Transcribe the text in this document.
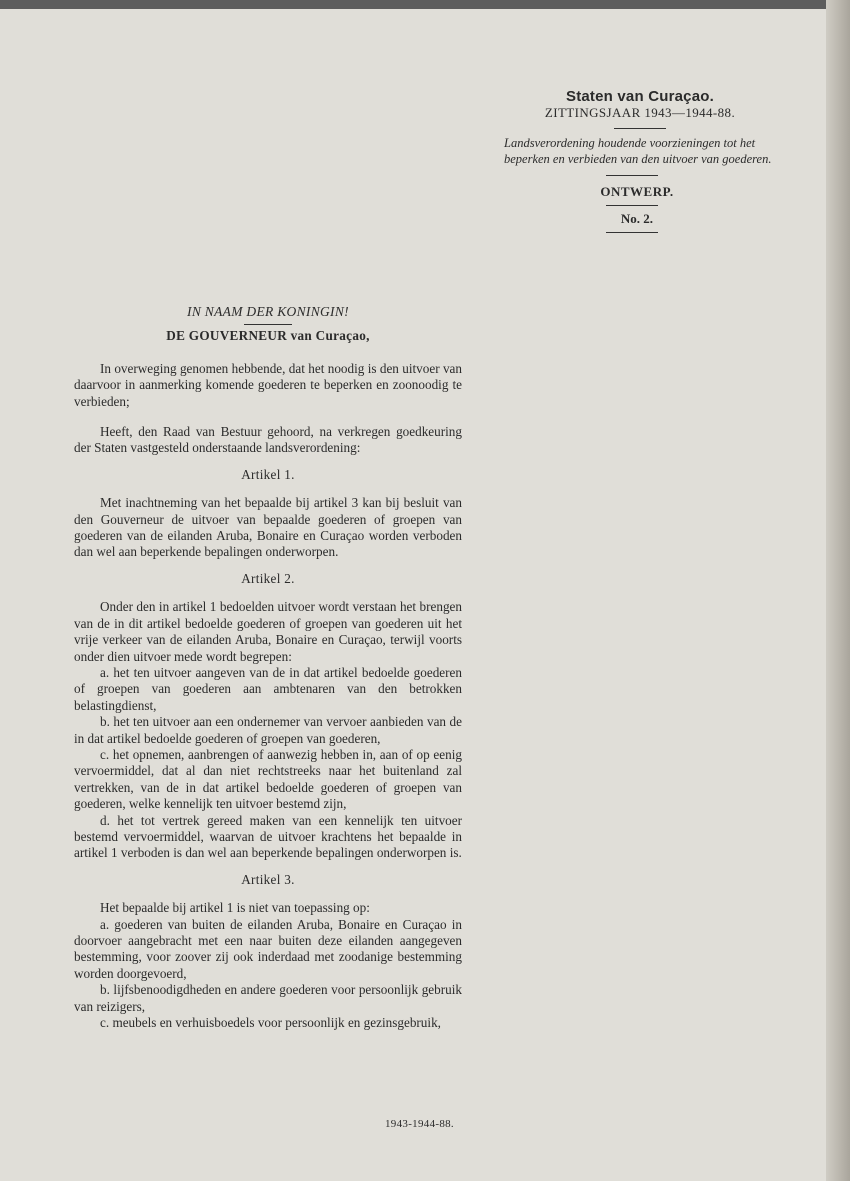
Staten van Curaçao.
ZITTINGSJAAR 1943—1944-88.
Landsverordening houdende voorzieningen tot het beperken en verbieden van den uitvoer van goederen.
ONTWERP.
No. 2.
IN NAAM DER KONINGIN!
DE GOUVERNEUR van Curaçao,

In overweging genomen hebbende, dat het noodig is den uitvoer van daarvoor in aanmerking komende goederen te beperken en zoonoodig te verbieden;

Heeft, den Raad van Bestuur gehoord, na verkregen goedkeuring der Staten vastgesteld onderstaande landsverordening:

Artikel 1.

Met inachtneming van het bepaalde bij artikel 3 kan bij besluit van den Gouverneur de uitvoer van bepaalde goederen of groepen van goederen van de eilanden Aruba, Bonaire en Curaçao worden verboden dan wel aan beperkende bepalingen onderworpen.

Artikel 2.

Onder den in artikel 1 bedoelden uitvoer wordt verstaan het brengen van de in dit artikel bedoelde goederen of groepen van goederen uit het vrije verkeer van de eilanden Aruba, Bonaire en Curaçao, terwijl voorts onder dien uitvoer mede wordt begrepen:

a. het ten uitvoer aangeven van de in dat artikel bedoelde goederen of groepen van goederen aan ambtenaren van den betrokken belastingdienst,

b. het ten uitvoer aan een ondernemer van vervoer aanbieden van de in dat artikel bedoelde goederen of groepen van goederen,

c. het opnemen, aanbrengen of aanwezig hebben in, aan of op eenig vervoermiddel, dat al dan niet rechtstreeks naar het buitenland zal vertrekken, van de in dat artikel bedoelde goederen of groepen van goederen, welke kennelijk ten uitvoer bestemd zijn,

d. het tot vertrek gereed maken van een kennelijk ten uitvoer bestemd vervoermiddel, waarvan de uitvoer krachtens het bepaalde in artikel 1 verboden is dan wel aan beperkende bepalingen onderworpen is.

Artikel 3.

Het bepaalde bij artikel 1 is niet van toepassing op:

a. goederen van buiten de eilanden Aruba, Bonaire en Curaçao in doorvoer aangebracht met een naar buiten deze eilanden aangegeven bestemming, voor zoover zij ook inderdaad met zoodanige bestemming worden doorgevoerd,

b. lijfsbenoodigdheden en andere goederen voor persoonlijk gebruik van reizigers,

c. meubels en verhuisboedels voor persoonlijk en gezinsgebruik,

1943-1944-88.
